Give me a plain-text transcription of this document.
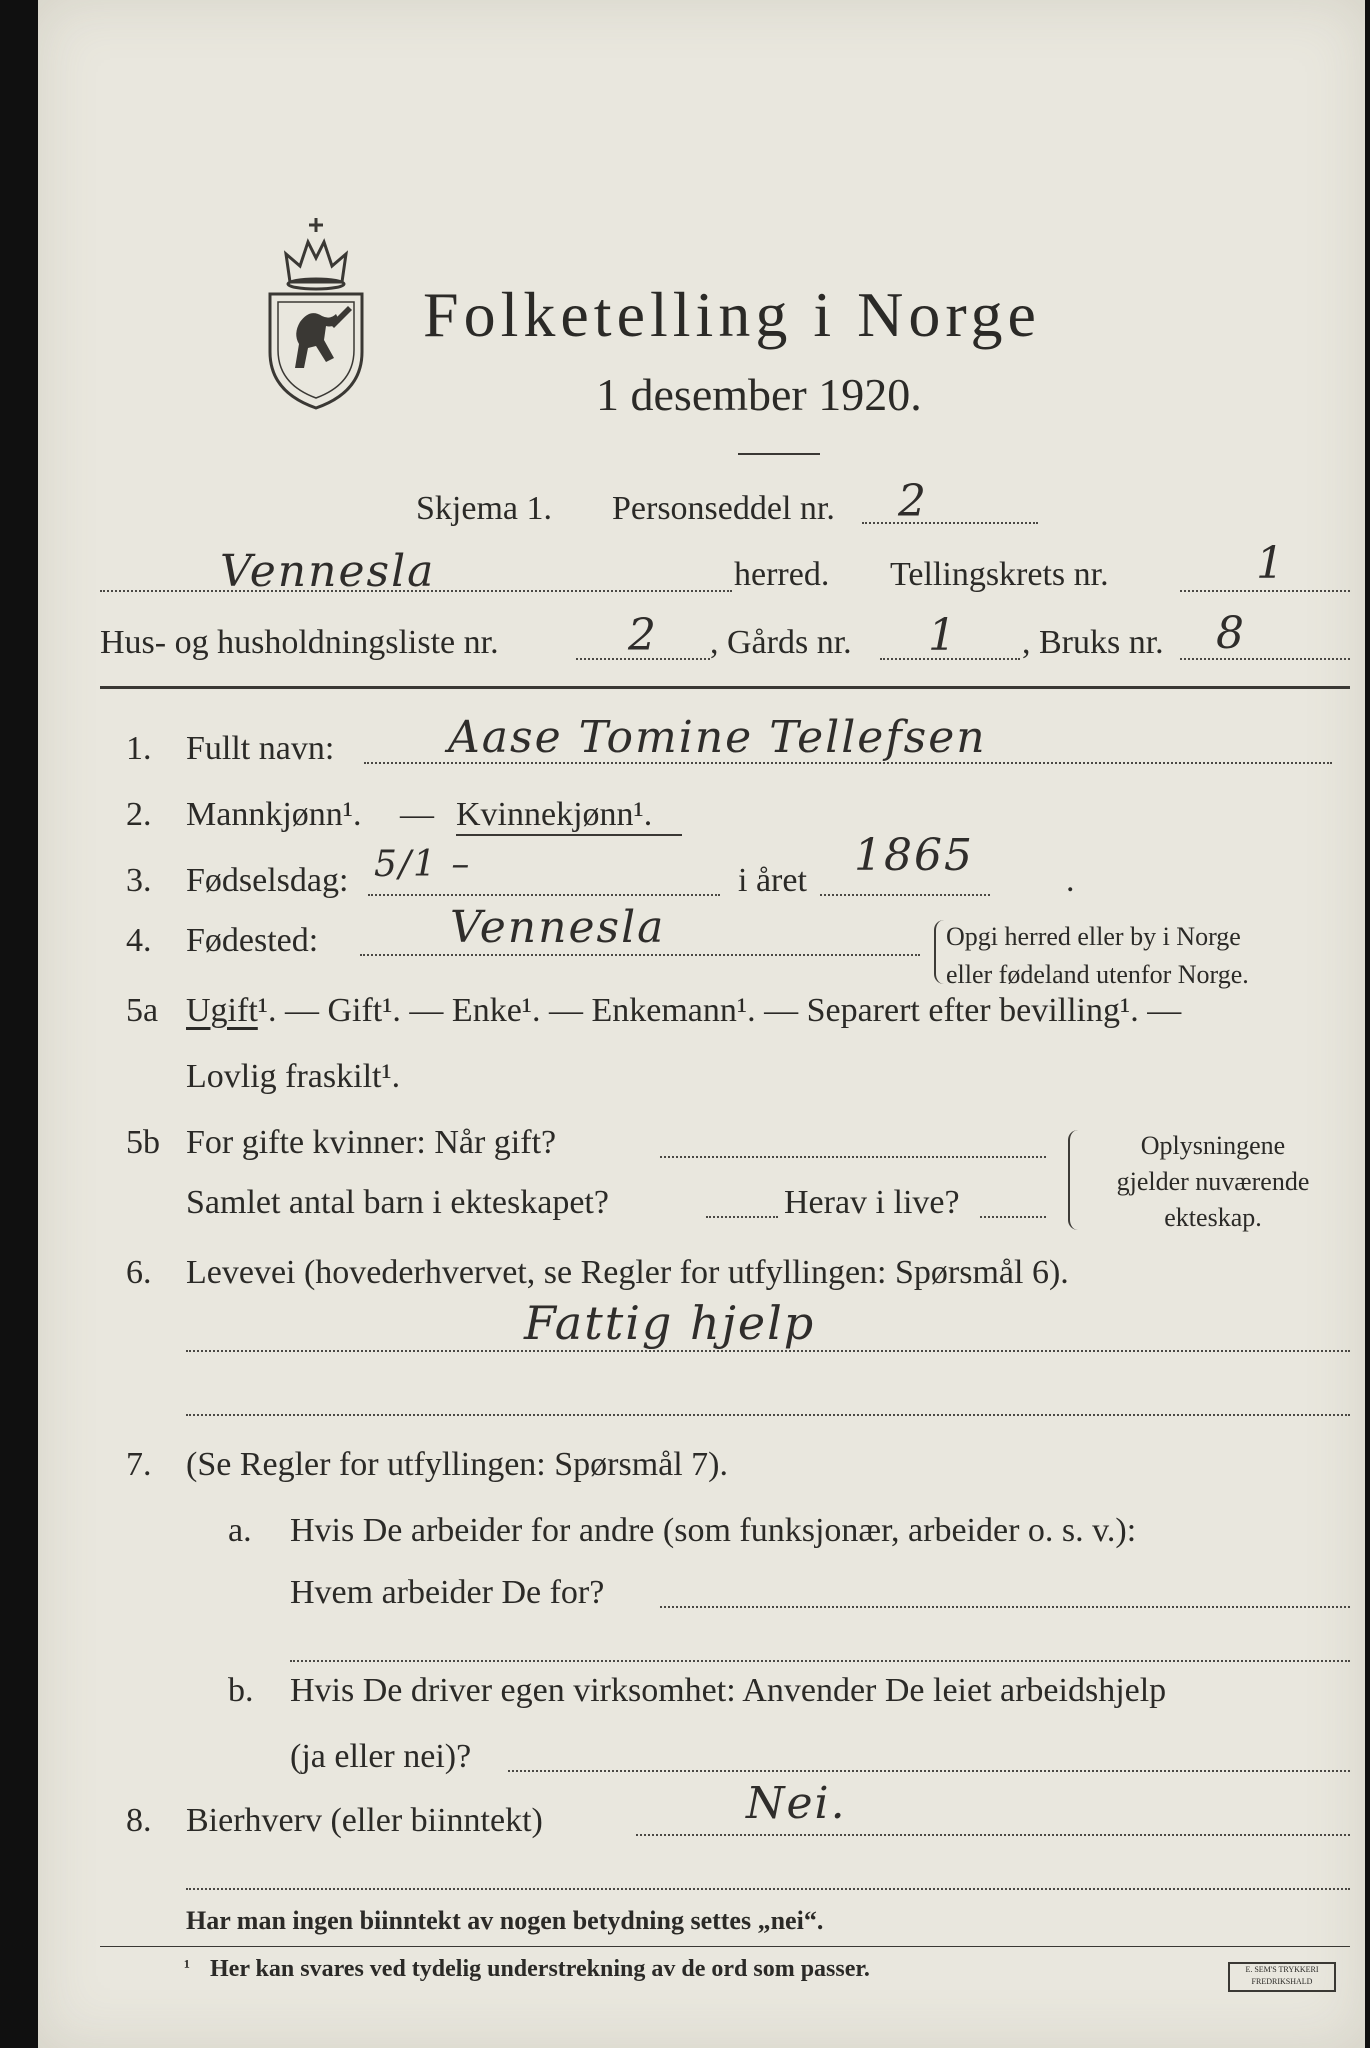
Folketelling i Norge
1 desember 1920.
Skjema 1. Personseddel nr. 2
Vennesla	herred. Tellingskrets nr.	1
Hus- og husholdningsliste nr.	2 , Gårds nr. 1 , Bruks nr. 8
1. Fullt navn:	Aase Tomine Tellefsen
2. Mannkjønn¹. — Kvinnekjønn¹.
3. Fødselsdag: 5/1 –	i året 1865	.
4. Fødested:	Vennesla	Opgi herred eller by i Norge
eller fødeland utenfor Norge.
5a Ugift¹. — Gift¹. — Enke¹. — Enkemann¹. — Separert efter bevilling¹. —
Lovlig fraskilt¹.
5b For gifte kvinner: Når gift?
Samlet antal barn i ekteskapet?	Herav i live?
Oplysningene
gjelder nuværende
ekteskap.
6. Levevei (hovederhvervet, se Regler for utfyllingen: Spørsmål 6).
Fattig hjelp
7. (Se Regler for utfyllingen: Spørsmål 7).
a. Hvis De arbeider for andre (som funksjonær, arbeider o. s. v.):
Hvem arbeider De for?
b. Hvis De driver egen virksomhet: Anvender De leiet arbeidshjelp
(ja eller nei)?
8. Bierhverv (eller biinntekt)	Nei.
Har man ingen biinntekt av nogen betydning settes „nei“.
¹ Her kan svares ved tydelig understrekning av de ord som passer.	E. SEM'S TRYKKERI FREDRIKSHALD
